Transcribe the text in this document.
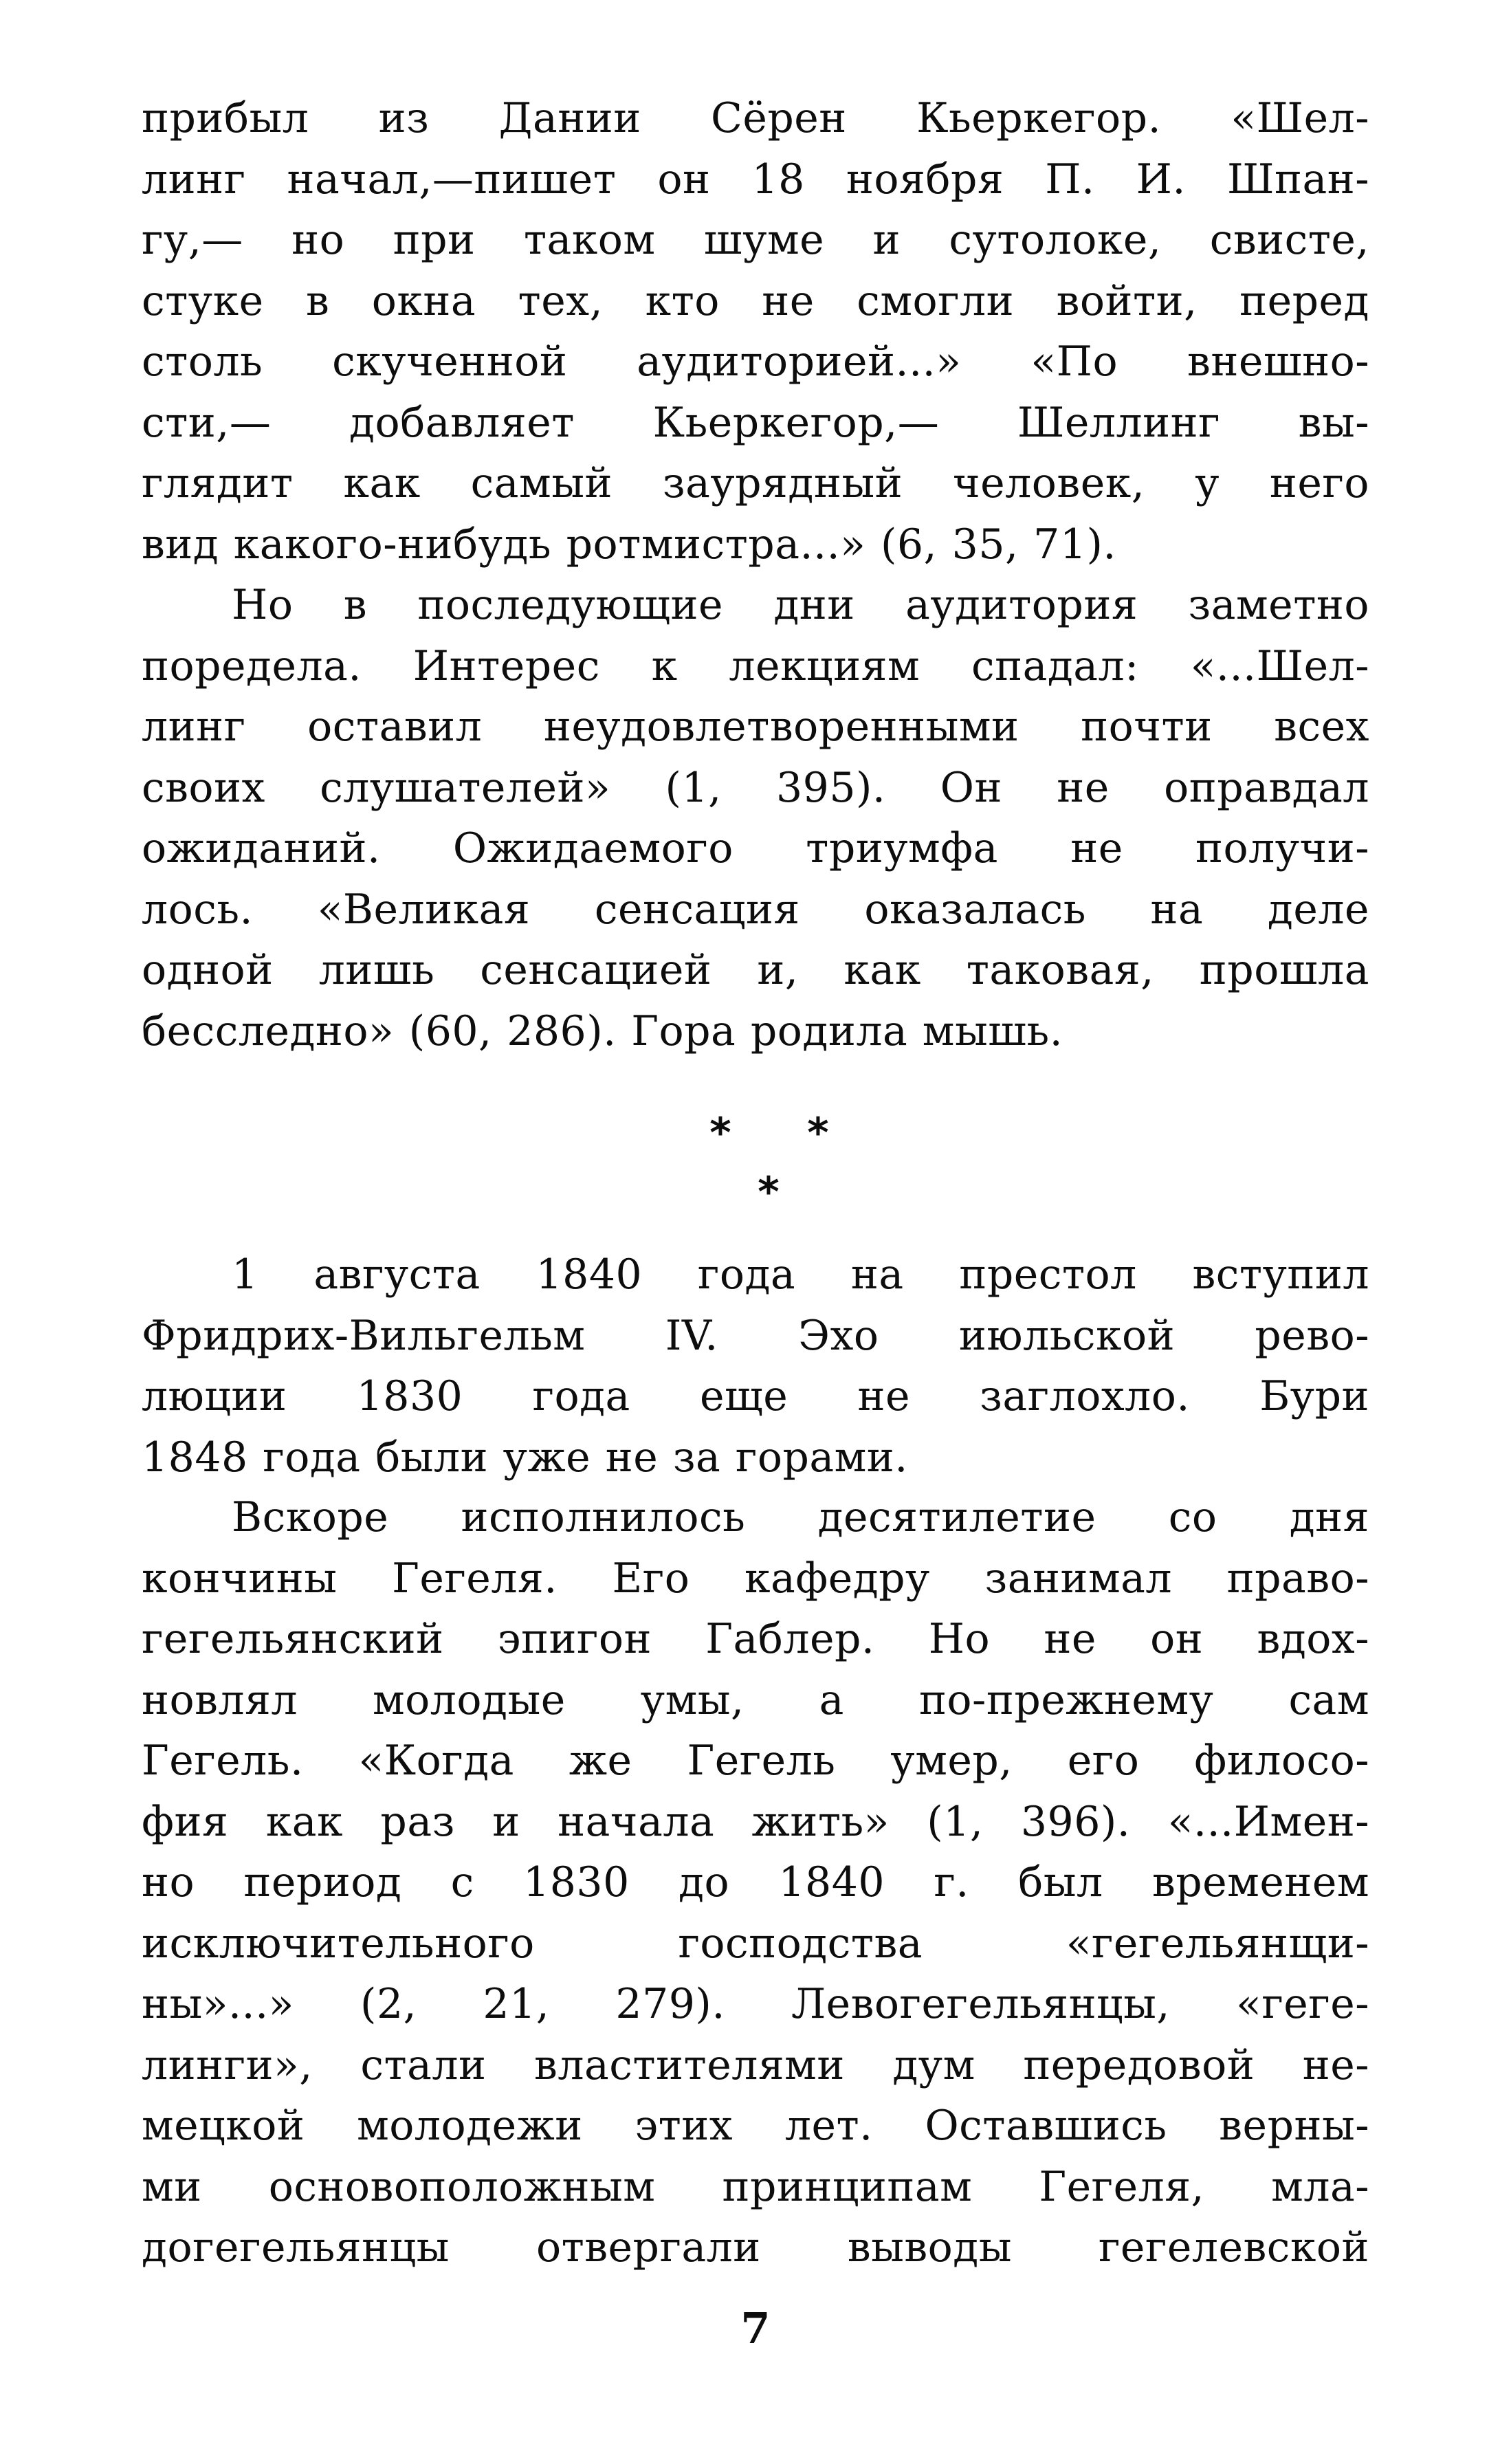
прибыл из Дании Сёрен Кьеркегор. «Шел-
линг начал,—пишет он 18 ноября П. И. Шпан-
гу,— но при таком шуме и сутолоке, свисте,
стуке в окна тех, кто не смогли войти, перед
столь скученной аудиторией...» «По внешно-
сти,— добавляет Кьеркегор,— Шеллинг вы-
глядит как самый заурядный человек, у него
вид какого-нибудь ротмистра...» (6, 35, 71).
Но в последующие дни аудитория заметно
поредела. Интерес к лекциям спадал: «...Шел-
линг оставил неудовлетворенными почти всех
своих слушателей» (1, 395). Он не оправдал
ожиданий. Ожидаемого триумфа не получи-
лось. «Великая сенсация оказалась на деле
одной лишь сенсацией и, как таковая, прошла
бесследно» (60, 286). Гора родила мышь.
* *
*
1 августа 1840 года на престол вступил
Фридрих-Вильгельм IV. Эхо июльской рево-
люции 1830 года еще не заглохло. Бури
1848 года были уже не за горами.
Вскоре исполнилось десятилетие со дня
кончины Гегеля. Его кафедру занимал право-
гегельянский эпигон Габлер. Но не он вдох-
новлял молодые умы, а по-прежнему сам
Гегель. «Когда же Гегель умер, его филосо-
фия как раз и начала жить» (1, 396). «...Имен-
но период с 1830 до 1840 г. был временем
исключительного господства «гегельянщи-
ны»...» (2, 21, 279). Левогегельянцы, «геге-
линги», стали властителями дум передовой не-
мецкой молодежи этих лет. Оставшись верны-
ми основоположным принципам Гегеля, мла-
догегельянцы отвергали выводы гегелевской
7
